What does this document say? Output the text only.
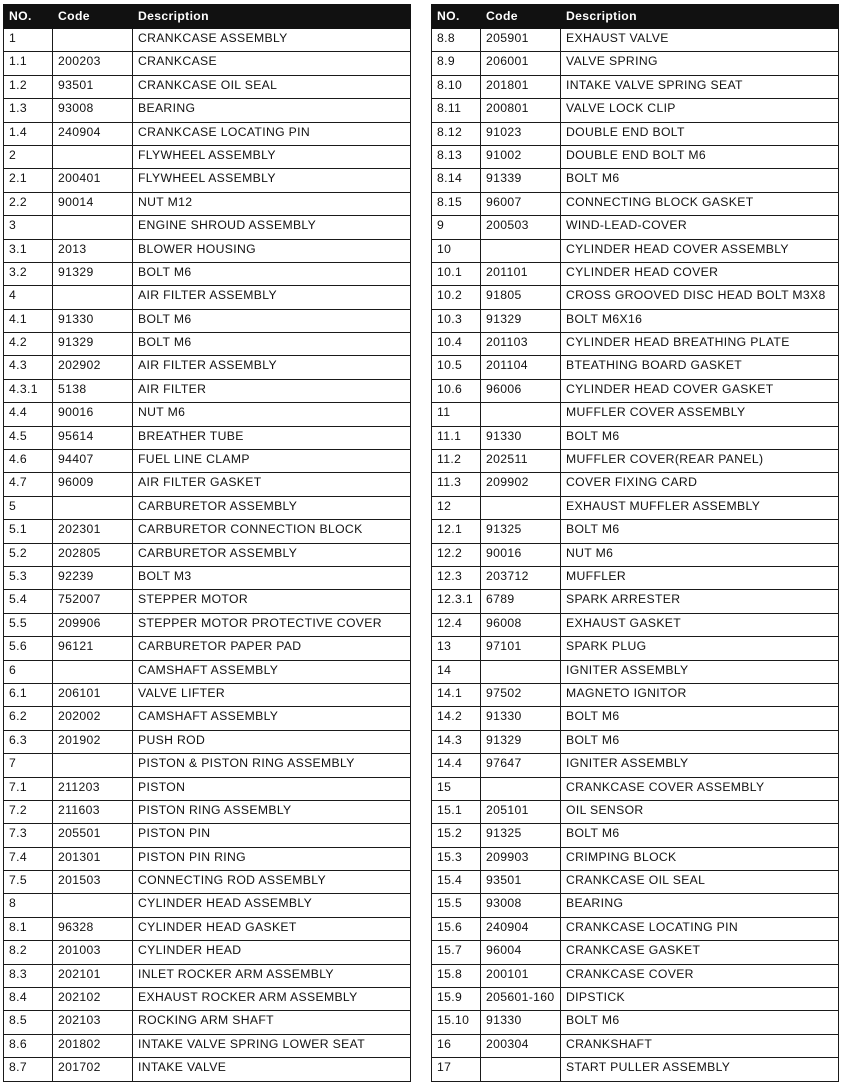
NO.	Code	Description
1		CRANKCASE ASSEMBLY
1.1	200203	CRANKCASE
1.2	93501	CRANKCASE OIL SEAL
1.3	93008	BEARING
1.4	240904	CRANKCASE LOCATING PIN
2		FLYWHEEL ASSEMBLY
2.1	200401	FLYWHEEL ASSEMBLY
2.2	90014	NUT M12
3		ENGINE SHROUD ASSEMBLY
3.1	2013	BLOWER HOUSING
3.2	91329	BOLT M6
4		AIR FILTER ASSEMBLY
4.1	91330	BOLT M6
4.2	91329	BOLT M6
4.3	202902	AIR FILTER ASSEMBLY
4.3.1	5138	AIR FILTER
4.4	90016	NUT M6
4.5	95614	BREATHER TUBE
4.6	94407	FUEL LINE CLAMP
4.7	96009	AIR FILTER GASKET
5		CARBURETOR ASSEMBLY
5.1	202301	CARBURETOR CONNECTION BLOCK
5.2	202805	CARBURETOR ASSEMBLY
5.3	92239	BOLT M3
5.4	752007	STEPPER MOTOR
5.5	209906	STEPPER MOTOR PROTECTIVE COVER
5.6	96121	CARBURETOR PAPER PAD
6		CAMSHAFT ASSEMBLY
6.1	206101	VALVE LIFTER
6.2	202002	CAMSHAFT ASSEMBLY
6.3	201902	PUSH ROD
7		PISTON & PISTON RING ASSEMBLY
7.1	211203	PISTON
7.2	211603	PISTON RING ASSEMBLY
7.3	205501	PISTON PIN
7.4	201301	PISTON PIN RING
7.5	201503	CONNECTING ROD ASSEMBLY
8		CYLINDER HEAD ASSEMBLY
8.1	96328	CYLINDER HEAD GASKET
8.2	201003	CYLINDER HEAD
8.3	202101	INLET ROCKER ARM ASSEMBLY
8.4	202102	EXHAUST ROCKER ARM ASSEMBLY
8.5	202103	ROCKING ARM SHAFT
8.6	201802	INTAKE VALVE SPRING LOWER SEAT
8.7	201702	INTAKE VALVE
NO.	Code	Description
8.8	205901	EXHAUST VALVE
8.9	206001	VALVE SPRING
8.10	201801	INTAKE VALVE SPRING SEAT
8.11	200801	VALVE LOCK CLIP
8.12	91023	DOUBLE END BOLT
8.13	91002	DOUBLE END BOLT M6
8.14	91339	BOLT M6
8.15	96007	CONNECTING BLOCK GASKET
9	200503	WIND-LEAD-COVER
10		CYLINDER HEAD COVER ASSEMBLY
10.1	201101	CYLINDER HEAD COVER
10.2	91805	CROSS GROOVED DISC HEAD BOLT M3X8
10.3	91329	BOLT M6X16
10.4	201103	CYLINDER HEAD BREATHING PLATE
10.5	201104	BTEATHING BOARD GASKET
10.6	96006	CYLINDER HEAD COVER GASKET
11		MUFFLER COVER ASSEMBLY
11.1	91330	BOLT M6
11.2	202511	MUFFLER COVER(REAR PANEL)
11.3	209902	COVER FIXING CARD
12		EXHAUST MUFFLER ASSEMBLY
12.1	91325	BOLT M6
12.2	90016	NUT M6
12.3	203712	MUFFLER
12.3.1	6789	SPARK ARRESTER
12.4	96008	EXHAUST GASKET
13	97101	SPARK PLUG
14		IGNITER ASSEMBLY
14.1	97502	MAGNETO IGNITOR
14.2	91330	BOLT M6
14.3	91329	BOLT M6
14.4	97647	IGNITER ASSEMBLY
15		CRANKCASE COVER ASSEMBLY
15.1	205101	OIL SENSOR
15.2	91325	BOLT M6
15.3	209903	CRIMPING BLOCK
15.4	93501	CRANKCASE OIL SEAL
15.5	93008	BEARING
15.6	240904	CRANKCASE LOCATING PIN
15.7	96004	CRANKCASE GASKET
15.8	200101	CRANKCASE COVER
15.9	205601-160	DIPSTICK
15.10	91330	BOLT M6
16	200304	CRANKSHAFT
17		START PULLER ASSEMBLY
